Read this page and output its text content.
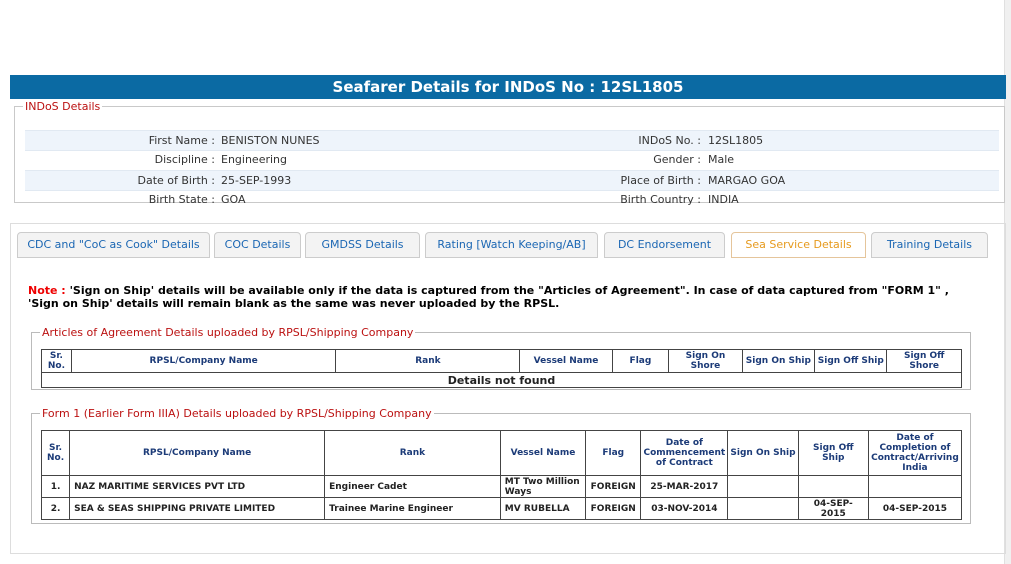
Seafarer Details for INDoS No : 12SL1805
INDoS Details
First Name : BENISTON NUNES	INDoS No. : 12SL1805
Discipline : Engineering	Gender : Male
Date of Birth : 25-SEP-1993	Place of Birth : MARGAO GOA
Birth State : GOA	Birth Country : INDIA
CDC and "CoC as Cook" Details	COC Details	GMDSS Details	Rating [Watch Keeping/AB]	DC Endorsement	Sea Service Details	Training Details
Note : 'Sign on Ship' details will be available only if the data is captured from the "Articles of Agreement". In case of data captured from "FORM 1" , 'Sign on Ship' details will remain blank as the same was never uploaded by the RPSL.
Articles of Agreement Details uploaded by RPSL/Shipping Company
Sr. No.	RPSL/Company Name	Rank	Vessel Name	Flag	Sign On Shore	Sign On Ship	Sign Off Ship	Sign Off Shore
Details not found
Form 1 (Earlier Form IIIA) Details uploaded by RPSL/Shipping Company
Sr. No.	RPSL/Company Name	Rank	Vessel Name	Flag	Date of Commencement of Contract	Sign On Ship	Sign Off Ship	Date of Completion of Contract/Arriving India
1.	NAZ MARITIME SERVICES PVT LTD	Engineer Cadet	MT Two Million Ways	FOREIGN	25-MAR-2017			
2.	SEA & SEAS SHIPPING PRIVATE LIMITED	Trainee Marine Engineer	MV RUBELLA	FOREIGN	03-NOV-2014		04-SEP-2015	04-SEP-2015
